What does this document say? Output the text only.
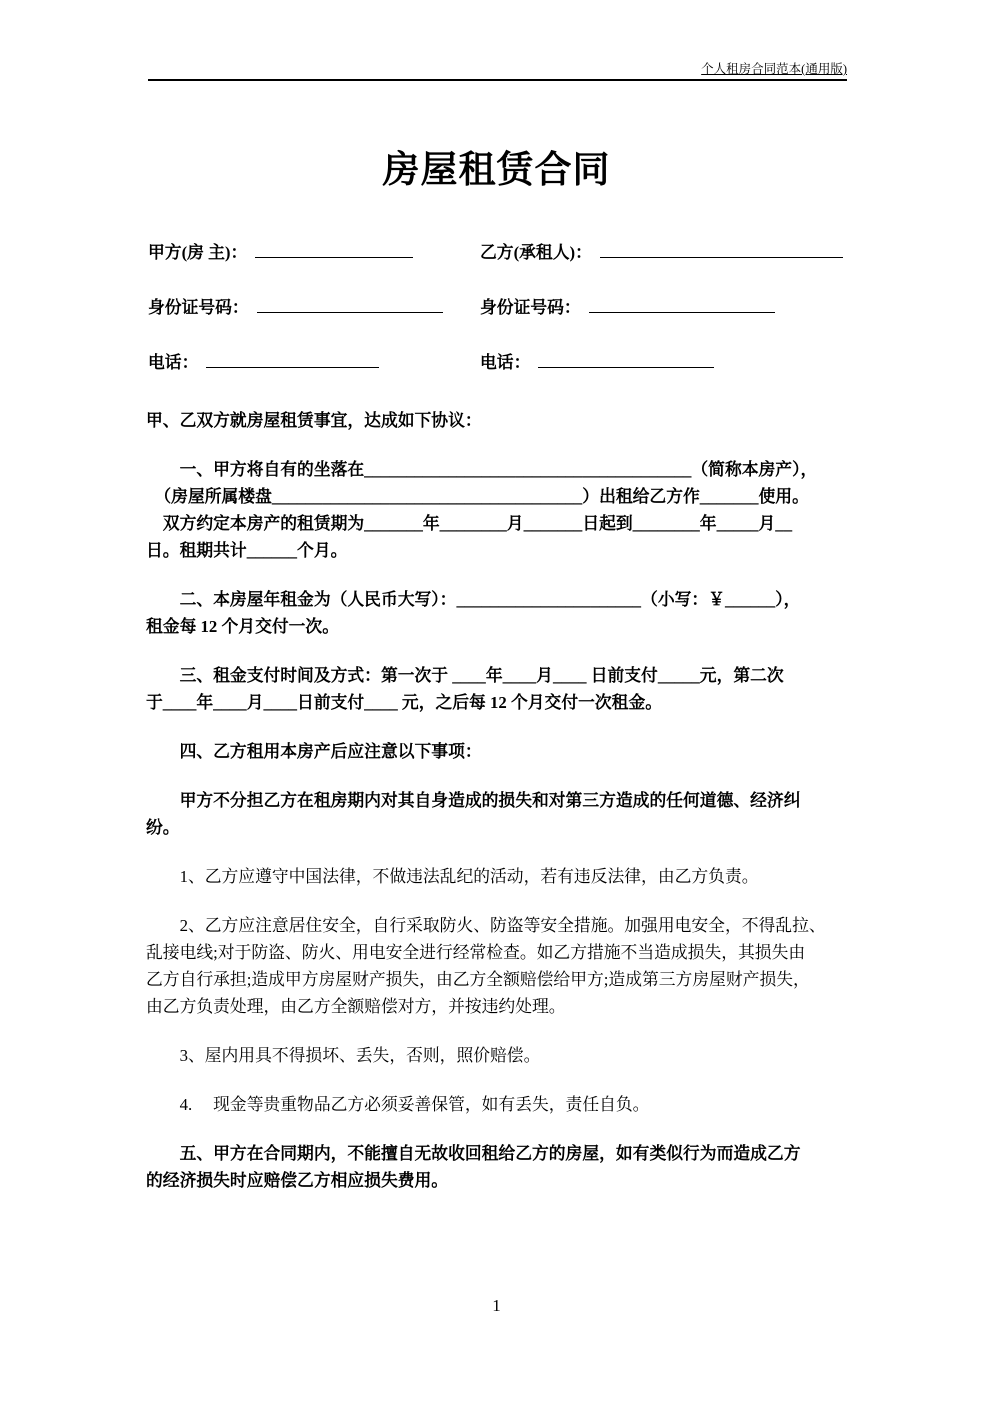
个人租房合同范本(通用版)
房屋租赁合同
甲方(房 主)：	乙方(承租人)：
身份证号码：	身份证号码：
电话：	电话：
甲、乙双方就房屋租赁事宜，达成如下协议：
　　一、甲方将自有的坐落在_______________________________________（简称本房产），
　（房屋所属楼盘_____________________________________）出租给乙方作_______使用。
　双方约定本房产的租赁期为_______年________月_______日起到________年_____月__
日。租期共计______个月。
　　二、本房屋年租金为（人民币大写）：______________________（小写：￥______），
租金每 12 个月交付一次。
　　三、租金支付时间及方式：第一次于 ____年____月____ 日前支付_____元，第二次
于____年____月____日前支付____ 元，之后每 12 个月交付一次租金。
　　四、乙方租用本房产后应注意以下事项：
　　甲方不分担乙方在租房期内对其自身造成的损失和对第三方造成的任何道德、经济纠
纷。
　　1、乙方应遵守中国法律，不做违法乱纪的活动，若有违反法律，由乙方负责。
　　2、乙方应注意居住安全，自行采取防火、防盗等安全措施。加强用电安全，不得乱拉、
乱接电线;对于防盗、防火、用电安全进行经常检查。如乙方措施不当造成损失，其损失由
乙方自行承担;造成甲方房屋财产损失，由乙方全额赔偿给甲方;造成第三方房屋财产损失，
由乙方负责处理，由乙方全额赔偿对方，并按违约处理。
　　3、屋内用具不得损坏、丢失，否则，照价赔偿。
　　4.　 现金等贵重物品乙方必须妥善保管，如有丢失，责任自负。
　　五、甲方在合同期内，不能擅自无故收回租给乙方的房屋，如有类似行为而造成乙方
的经济损失时应赔偿乙方相应损失费用。
1
